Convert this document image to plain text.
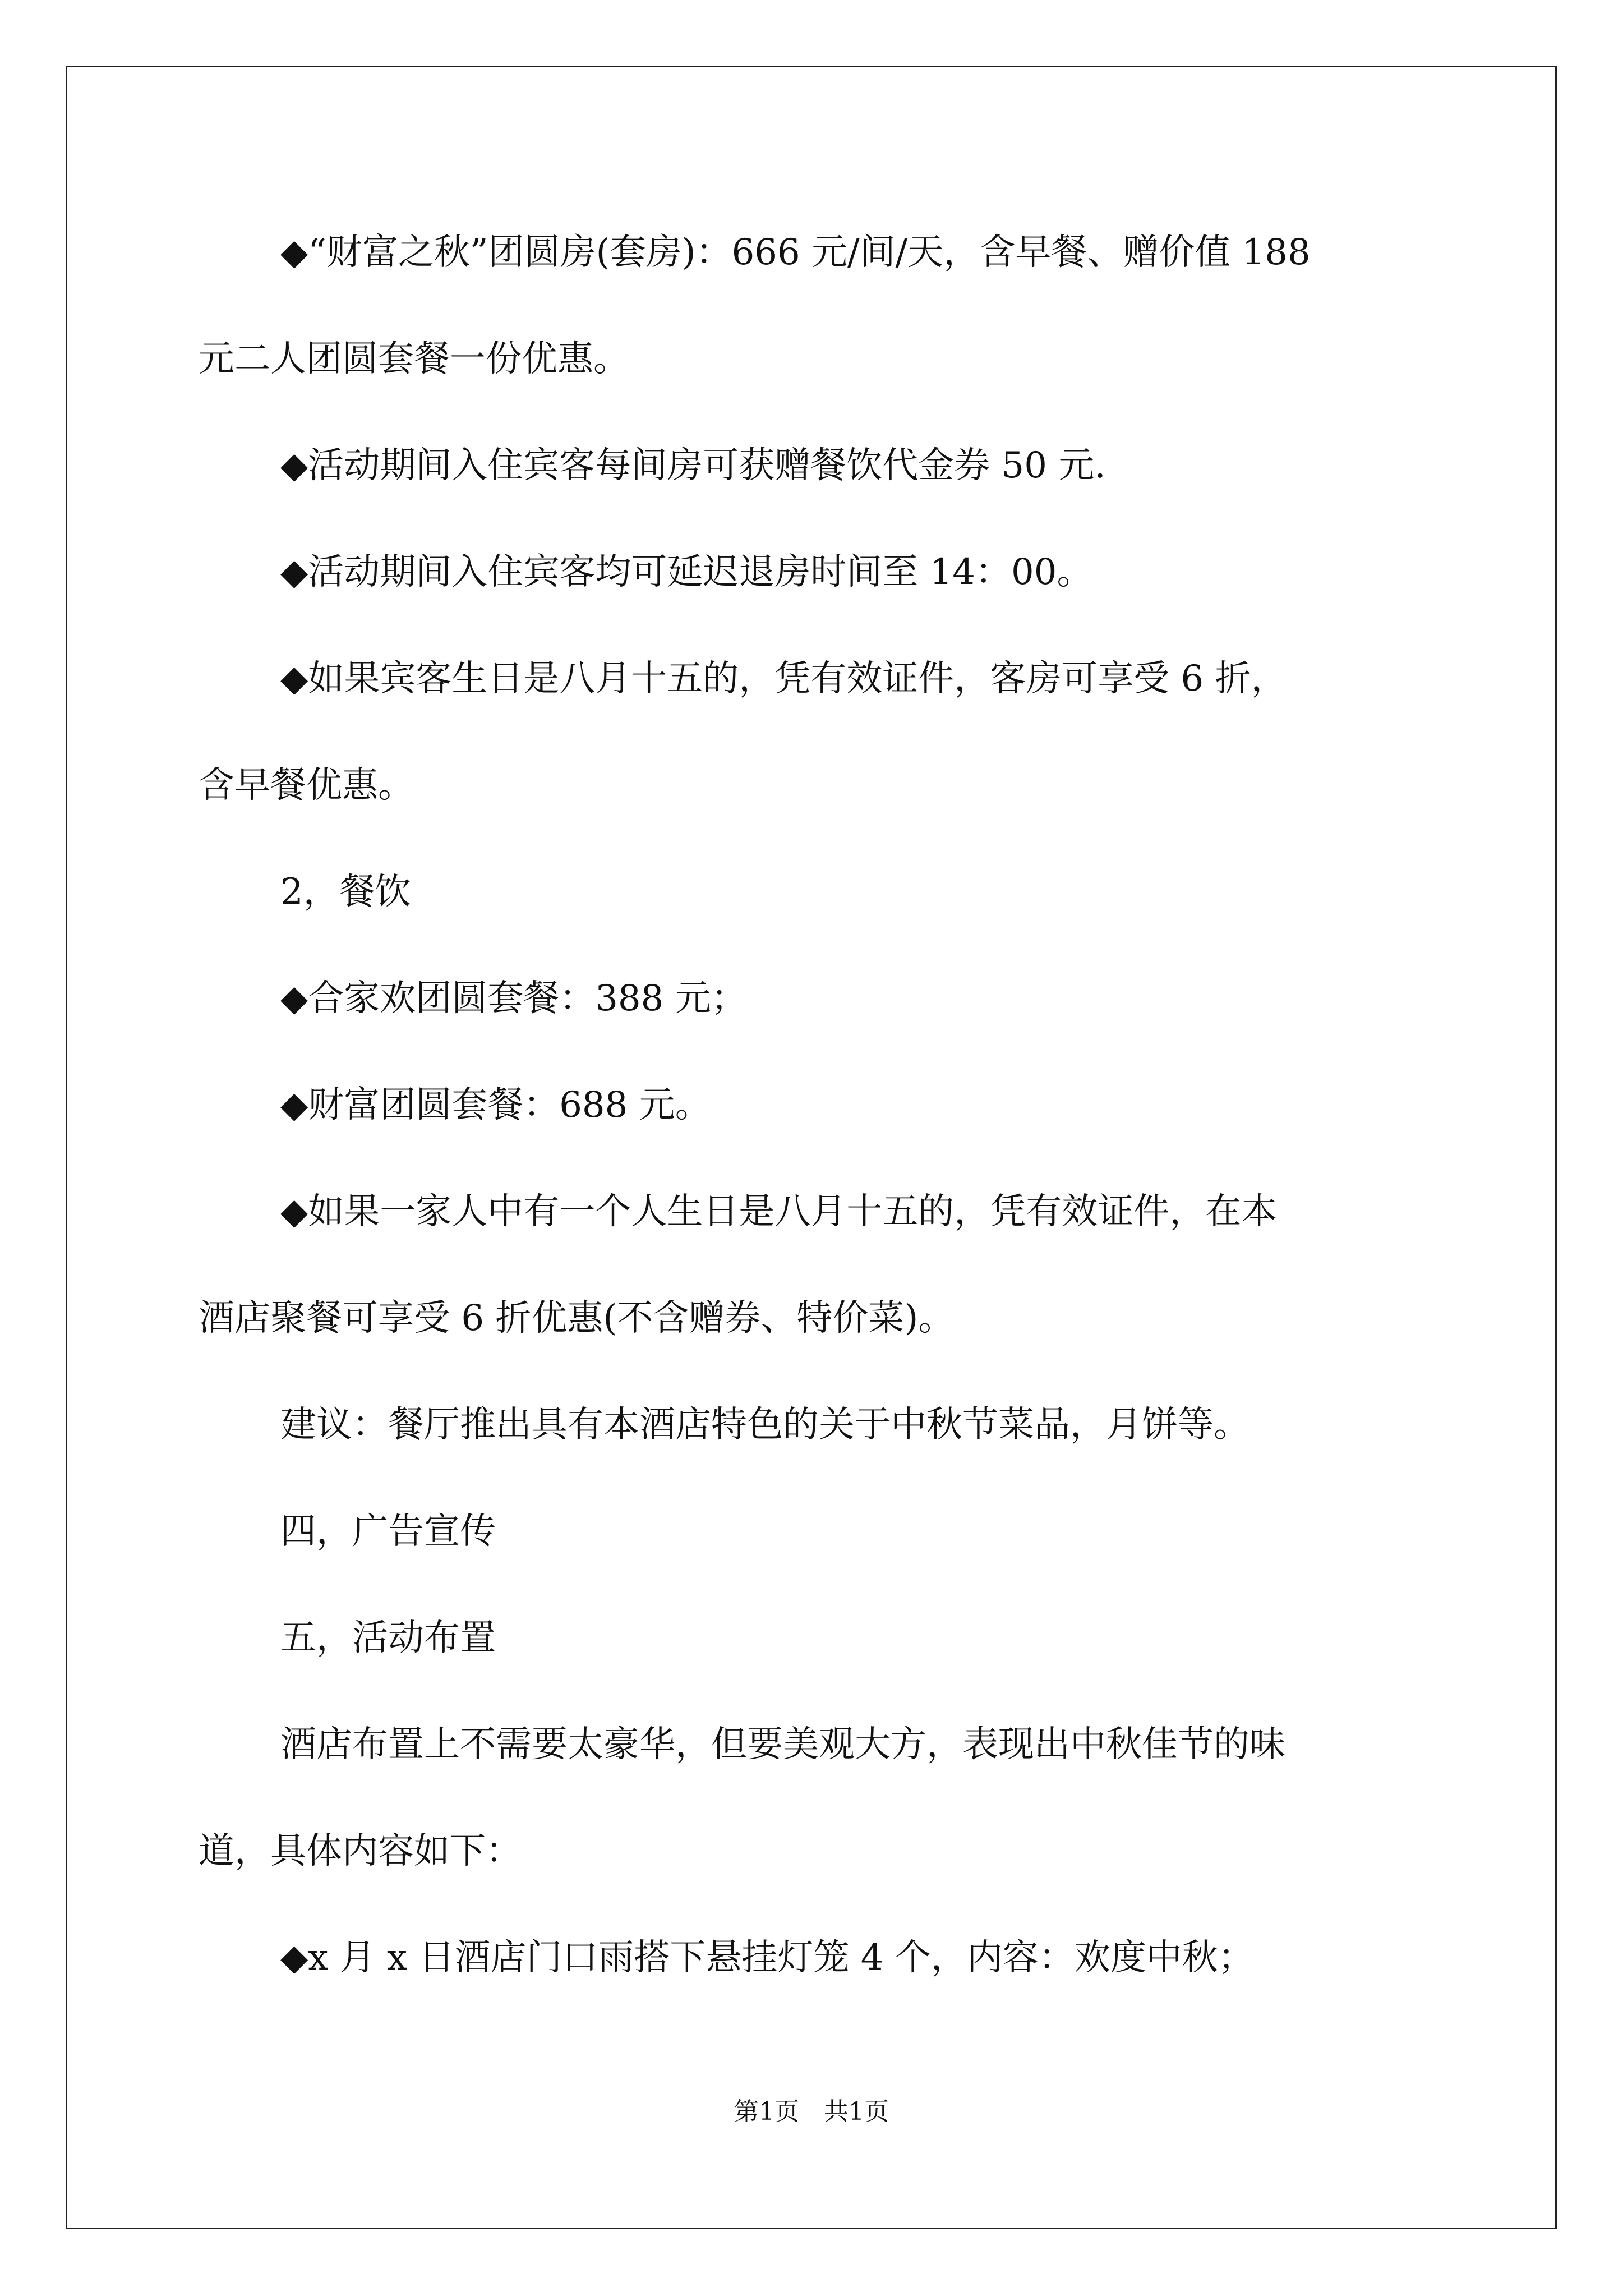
◆“财富之秋”团圆房(套房)：666 元/间/天，含早餐、赠价值 188
元二人团圆套餐一份优惠。
◆活动期间入住宾客每间房可获赠餐饮代金券 50 元.
◆活动期间入住宾客均可延迟退房时间至 14：00。
◆如果宾客生日是八月十五的，凭有效证件，客房可享受 6 折，
含早餐优惠。
2，餐饮
◆合家欢团圆套餐：388 元；
◆财富团圆套餐：688 元。
◆如果一家人中有一个人生日是八月十五的，凭有效证件，在本
酒店聚餐可享受 6 折优惠(不含赠券、特价菜)。
建议：餐厅推出具有本酒店特色的关于中秋节菜品，月饼等。
四，广告宣传
五，活动布置
酒店布置上不需要太豪华，但要美观大方，表现出中秋佳节的味
道，具体内容如下：
◆x 月 x 日酒店门口雨搭下悬挂灯笼 4 个，内容：欢度中秋；
第1页　共1页
